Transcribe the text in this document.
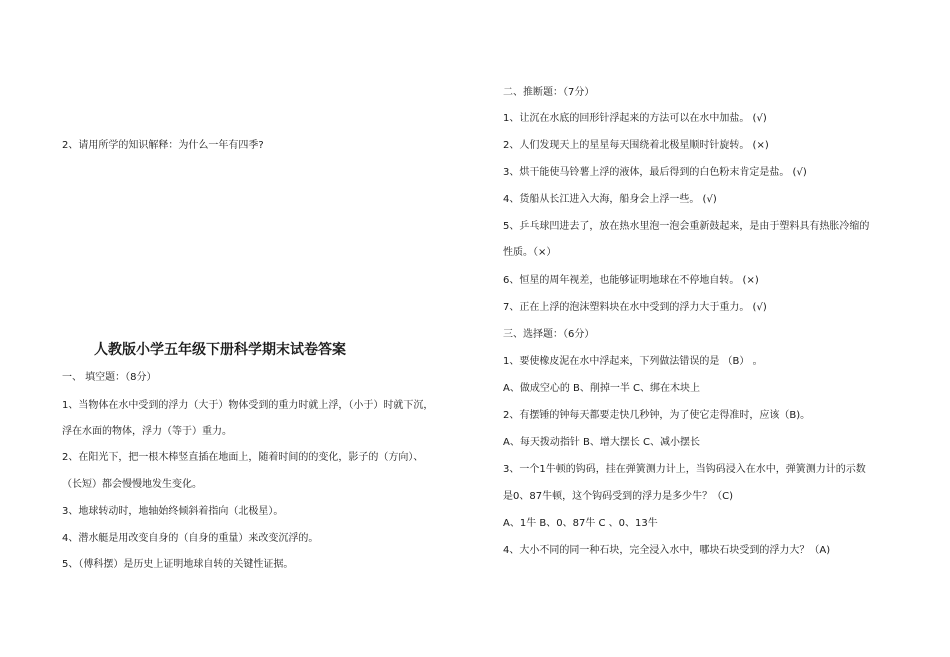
2、请用所学的知识解释：为什么一年有四季?
人教版小学五年级下册科学期末试卷答案
一、 填空题：（8分）
1、当物体在水中受到的浮力（大于）物体受到的重力时就上浮，（小于）时就下沉，
浮在水面的物体，浮力（等于）重力。
2、在阳光下，把一根木棒竖直插在地面上，随着时间的的变化，影子的（方向）、
（长短）都会慢慢地发生变化。
3、地球转动时，地轴始终倾斜着指向（北极星）。
4、潜水艇是用改变自身的（自身的重量）来改变沉浮的。
5、（傅科摆）是历史上证明地球自转的关键性证据。
二、推断题：（7分）
1、让沉在水底的回形针浮起来的方法可以在水中加盐。 (√)
2、人们发现天上的星星每天围绕着北极星顺时针旋转。 (×)
3、烘干能使马铃薯上浮的液体，最后得到的白色粉末肯定是盐。 (√)
4、货船从长江进入大海，船身会上浮一些。 (√)
5、乒乓球凹进去了，放在热水里泡一泡会重新鼓起来，是由于塑料具有热胀冷缩的
性质。（×）
6、恒星的周年视差，也能够证明地球在不停地自转。 (×)
7、正在上浮的泡沫塑料块在水中受到的浮力大于重力。 (√)
三、选择题：（6分）
1、要使橡皮泥在水中浮起来，下列做法错误的是 （B） 。
A、做成空心的 B、削掉一半 C、绑在木块上
2、有摆锤的钟每天都要走快几秒钟，为了使它走得准时，应该（B)。
A、每天拨动指针 B、增大摆长 C、减小摆长
3、一个1牛顿的钩码，挂在弹簧测力计上，当钩码浸入在水中，弹簧测力计的示数
是0、87牛顿，这个钩码受到的浮力是多少牛？（C)
A、1牛 B、0、87牛 C 、0、13牛
4、大小不同的同一种石块，完全浸入水中，哪块石块受到的浮力大？（A)
